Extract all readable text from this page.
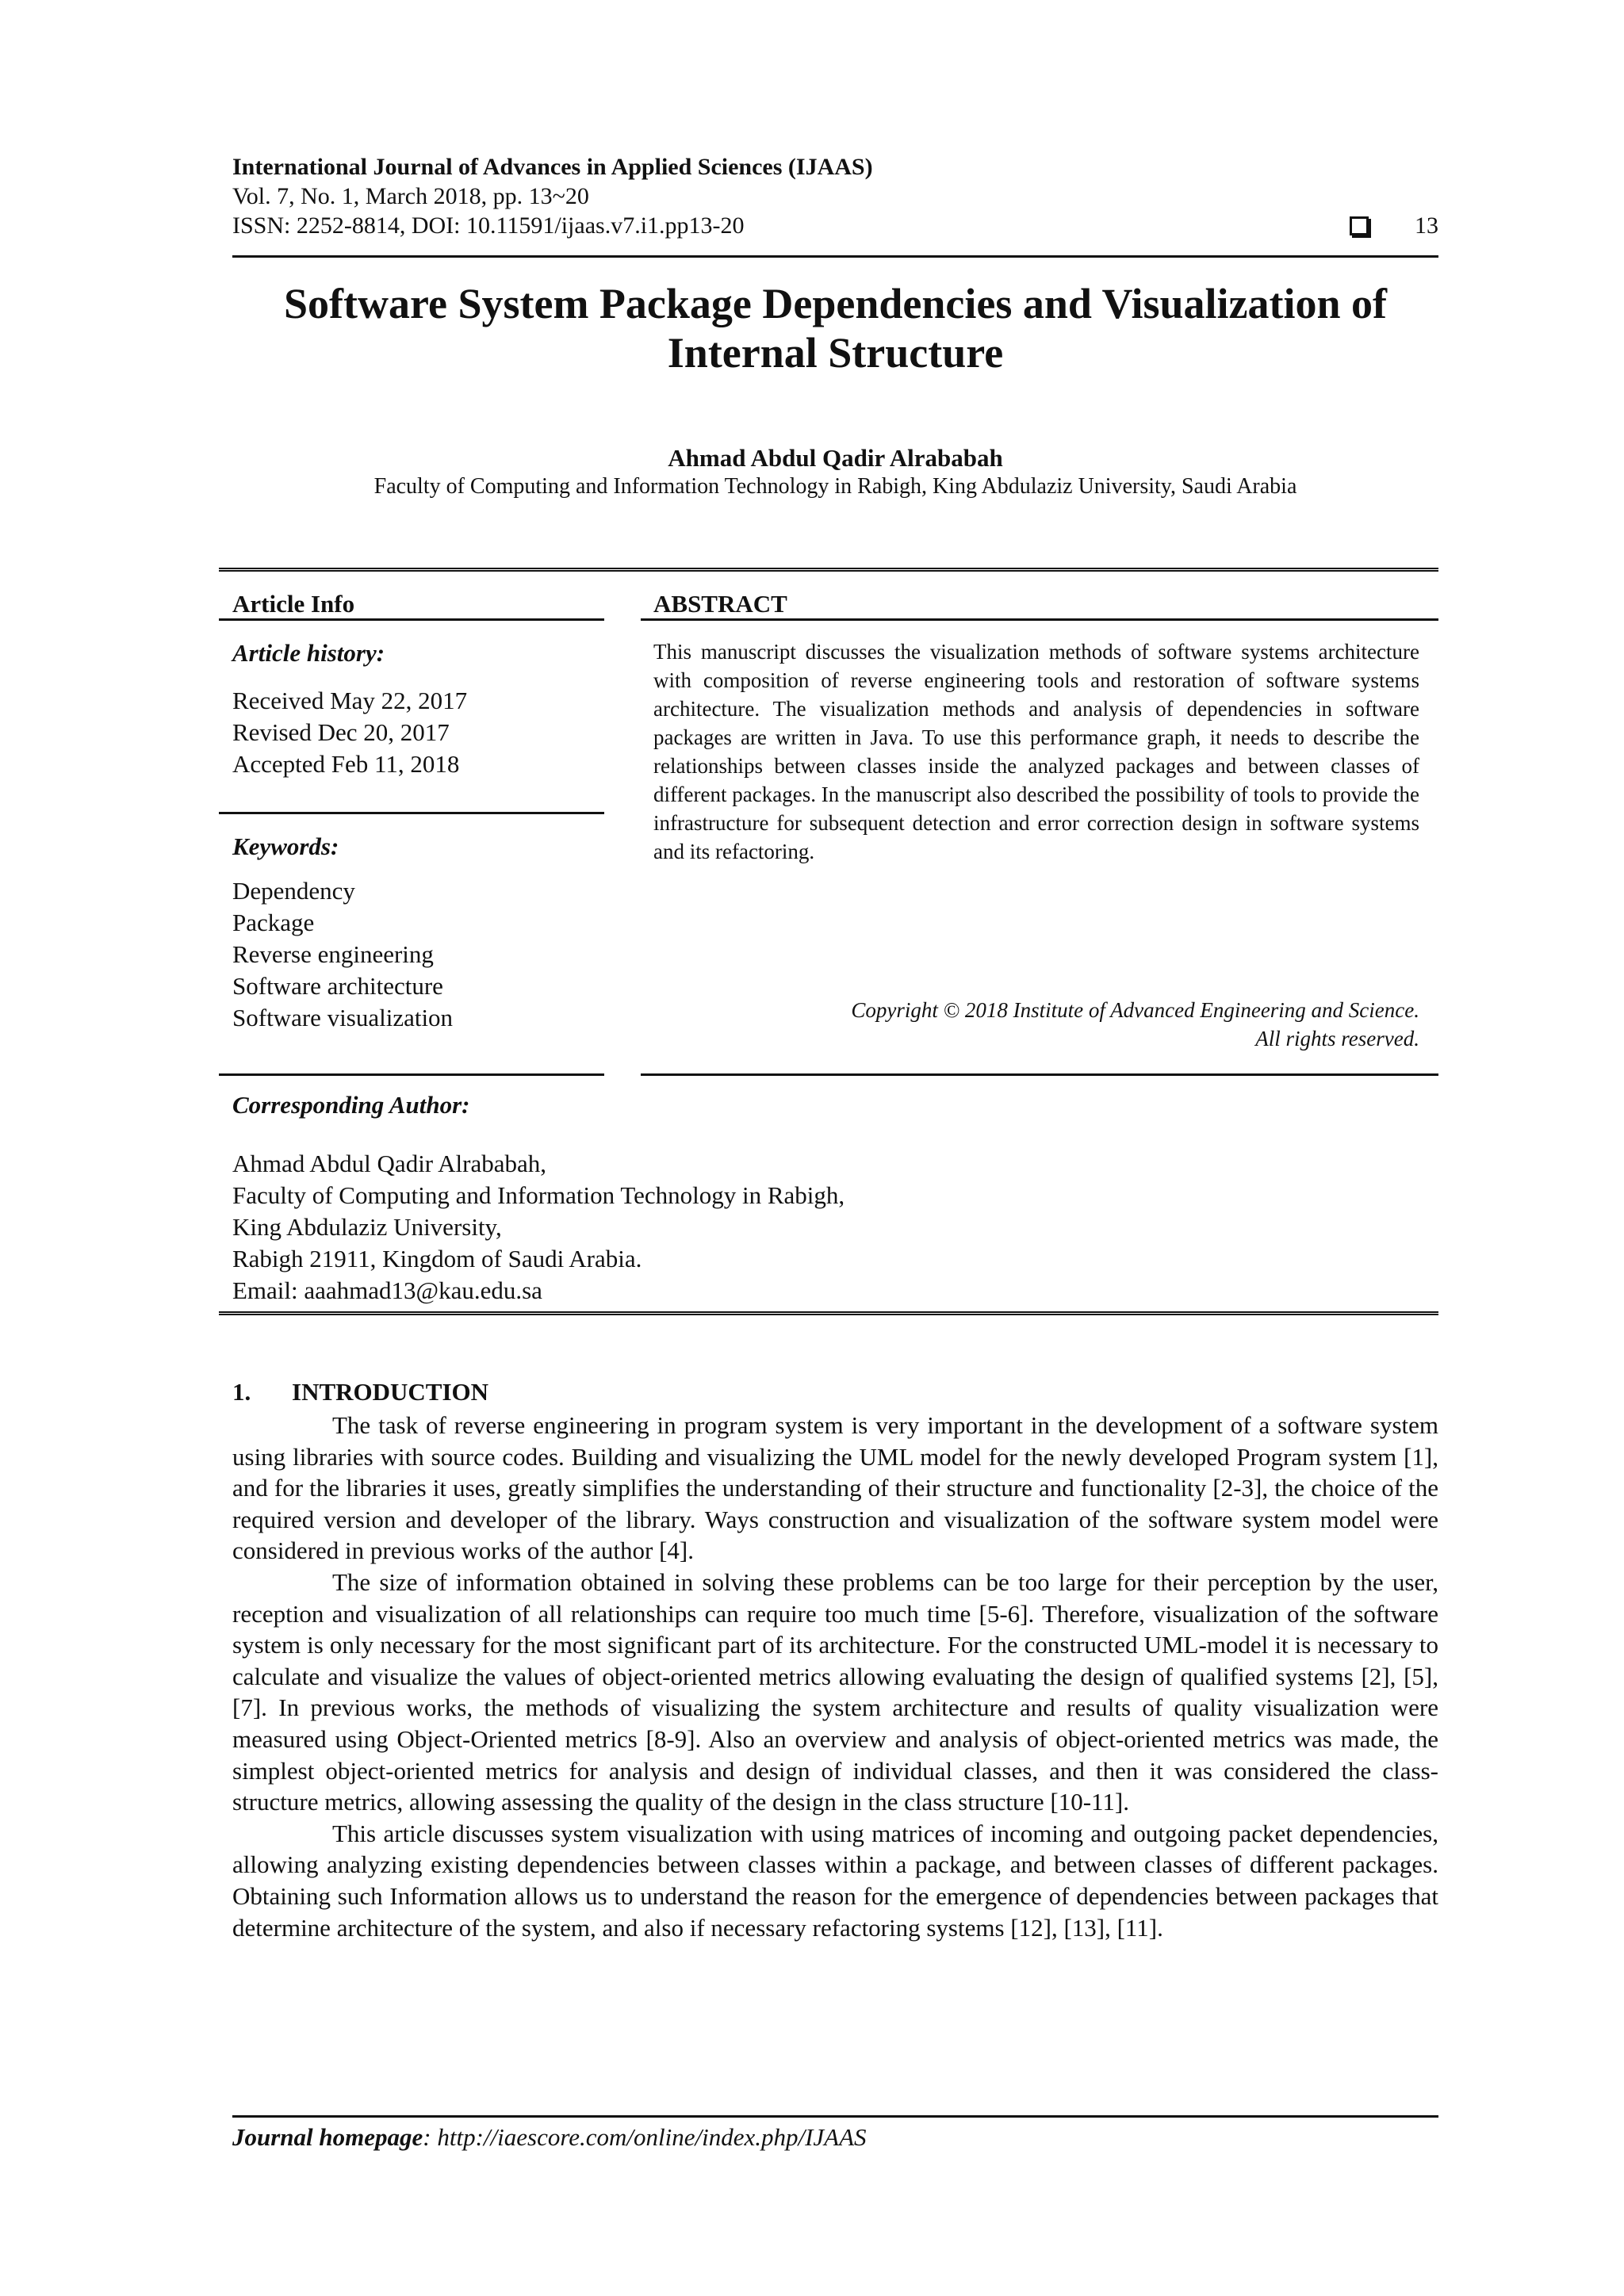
International Journal of Advances in Applied Sciences (IJAAS)
Vol. 7, No. 1, March 2018, pp. 13~20
ISSN: 2252-8814, DOI: 10.11591/ijaas.v7.i1.pp13-20	13
Software System Package Dependencies and Visualization of
Internal Structure
Ahmad Abdul Qadir Alrababah
Faculty of Computing and Information Technology in Rabigh, King Abdulaziz University, Saudi Arabia
Article Info
Article history:
Received May 22, 2017
Revised Dec 20, 2017
Accepted Feb 11, 2018
Keywords:
Dependency
Package
Reverse engineering
Software architecture
Software visualization
ABSTRACT
This manuscript discusses the visualization methods of software systems architecture with composition of reverse engineering tools and restoration of software systems architecture. The visualization methods and analysis of dependencies in software packages are written in Java. To use this performance graph, it needs to describe the relationships between classes inside the analyzed packages and between classes of different packages. In the manuscript also described the possibility of tools to provide the infrastructure for subsequent detection and error correction design in software systems and its refactoring.
Copyright © 2018 Institute of Advanced Engineering and Science.
All rights reserved.
Corresponding Author:
Ahmad Abdul Qadir Alrababah,
Faculty of Computing and Information Technology in Rabigh,
King Abdulaziz University,
Rabigh 21911, Kingdom of Saudi Arabia.
Email: aaahmad13@kau.edu.sa
1. INTRODUCTION

The task of reverse engineering in program system is very important in the development of a software system using libraries with source codes. Building and visualizing the UML model for the newly developed Program system [1], and for the libraries it uses, greatly simplifies the understanding of their structure and functionality [2-3], the choice of the required version and developer of the library. Ways construction and visualization of the software system model were considered in previous works of the author [4].

The size of information obtained in solving these problems can be too large for their perception by the user, reception and visualization of all relationships can require too much time [5-6]. Therefore, visualization of the software system is only necessary for the most significant part of its architecture. For the constructed UML-model it is necessary to calculate and visualize the values of object-oriented metrics allowing evaluating the design of qualified systems [2], [5], [7]. In previous works, the methods of visualizing the system architecture and results of quality visualization were measured using Object-Oriented metrics [8-9]. Also an overview and analysis of object-oriented metrics was made, the simplest object-oriented metrics for analysis and design of individual classes, and then it was considered the class- structure metrics, allowing assessing the quality of the design in the class structure [10-11].

This article discusses system visualization with using matrices of incoming and outgoing packet dependencies, allowing analyzing existing dependencies between classes within a package, and between classes of different packages. Obtaining such Information allows us to understand the reason for the emergence of dependencies between packages that determine architecture of the system, and also if necessary refactoring systems [12], [13], [11].

Journal homepage: http://iaescore.com/online/index.php/IJAAS
